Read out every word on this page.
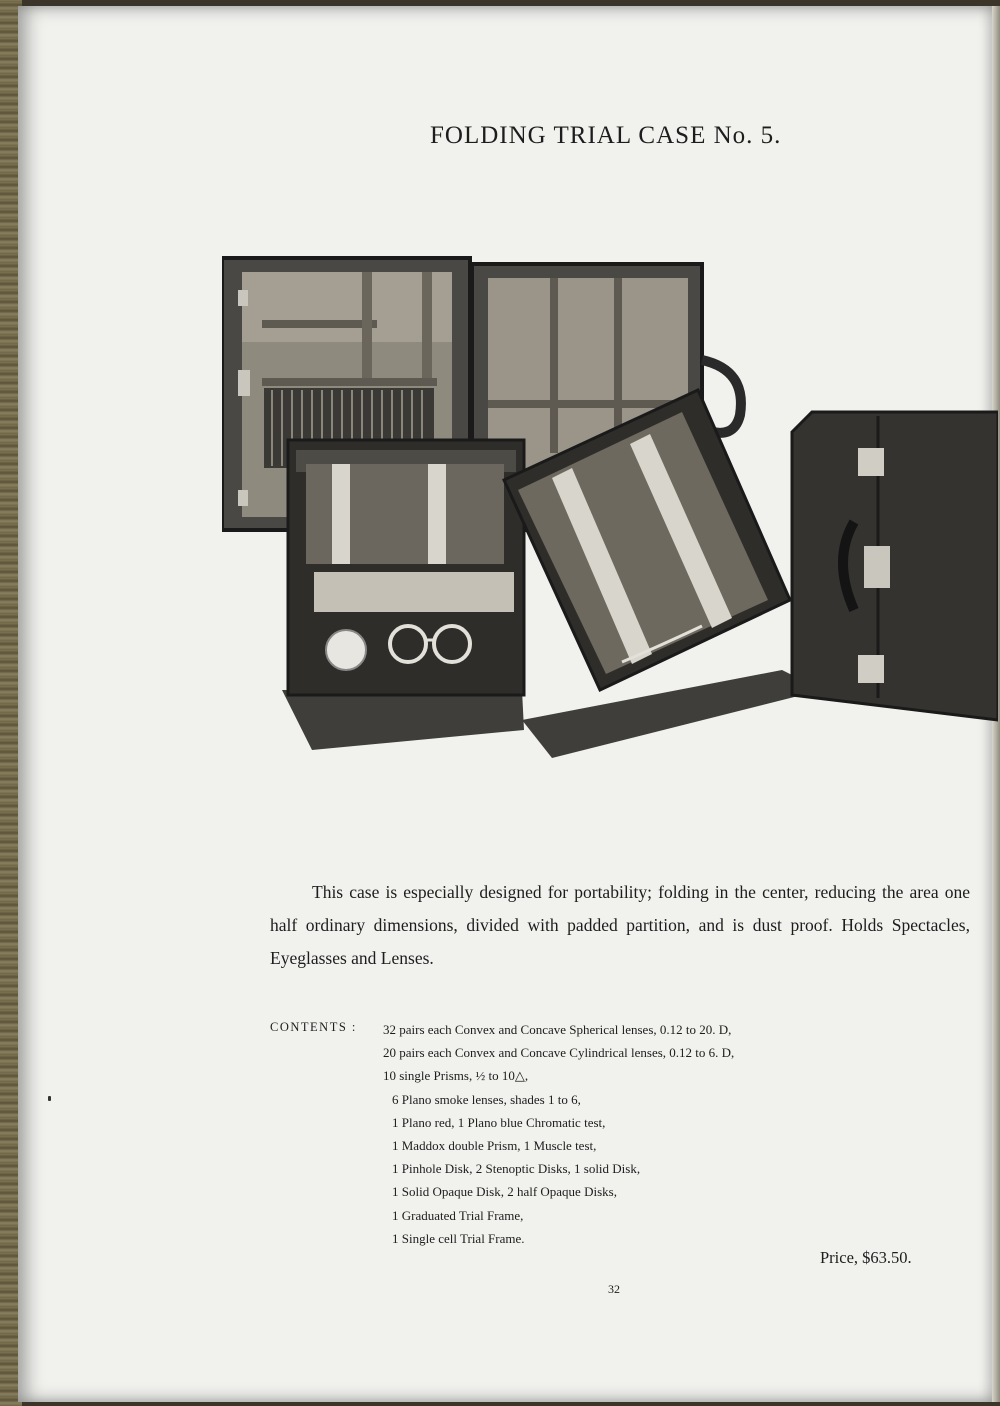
FOLDING TRIAL CASE No. 5.
This case is especially designed for portability; folding in the center, reducing the area one half ordinary dimensions, divided with padded partition, and is dust proof. Holds Spectacles, Eyeglasses and Lenses.
CONTENTS : 32 pairs each Convex and Concave Spherical lenses, 0.12 to 20. D,
20 pairs each Convex and Concave Cylindrical lenses, 0.12 to 6. D,
10 single Prisms, ½ to 10△,
6 Plano smoke lenses, shades 1 to 6,
1 Plano red, 1 Plano blue Chromatic test,
1 Maddox double Prism, 1 Muscle test,
1 Pinhole Disk, 2 Stenoptic Disks, 1 solid Disk,
1 Solid Opaque Disk, 2 half Opaque Disks,
1 Graduated Trial Frame,
1 Single cell Trial Frame.
Price, $63.50.
32
